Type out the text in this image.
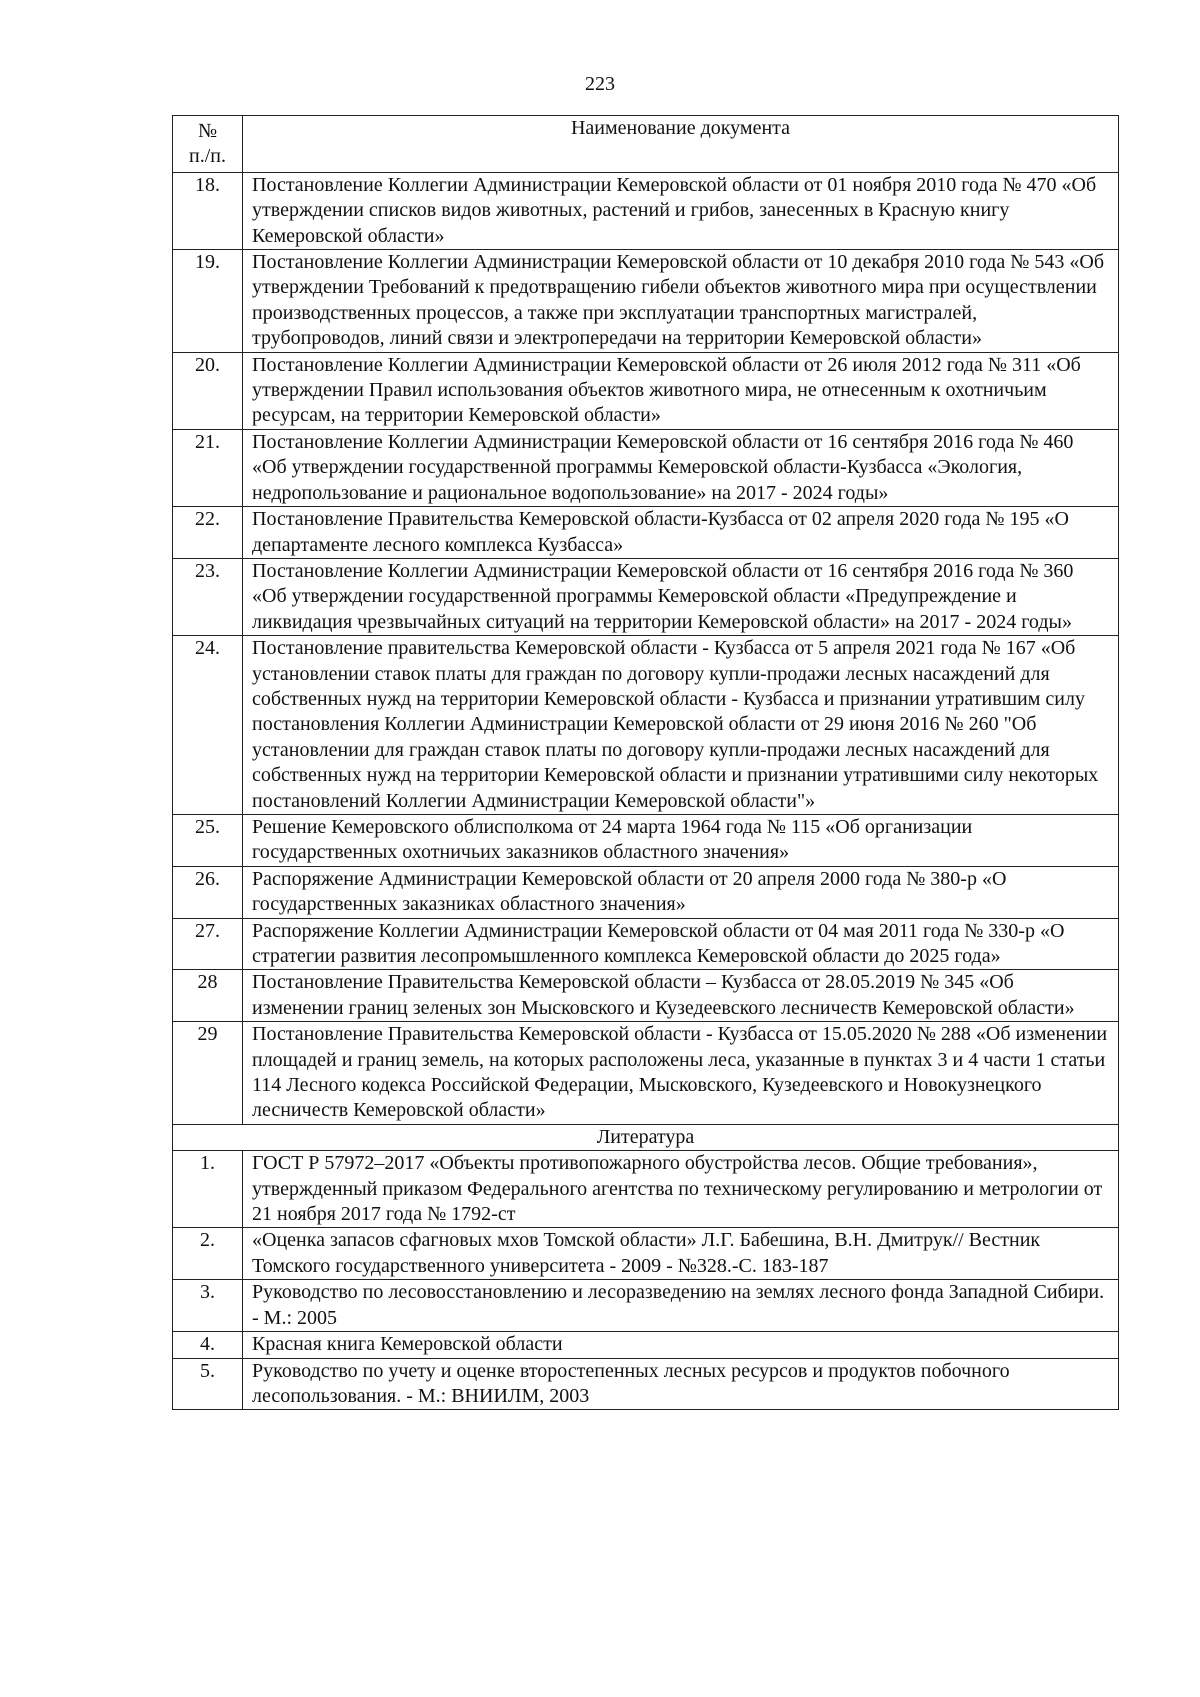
223
№
п./п.	Наименование документа
18.	Постановление Коллегии Администрации Кемеровской области от 01 ноября 2010 года № 470 «Об утверждении списков видов животных, растений и грибов, занесенных в Красную книгу Кемеровской области»
19.	Постановление Коллегии Администрации Кемеровской области от 10 декабря 2010 года № 543 «Об утверждении Требований к предотвращению гибели объектов животного мира при осуществлении производственных процессов, а также при эксплуатации транспортных магистралей, трубопроводов, линий связи и электропередачи на территории Кемеровской области»
20.	Постановление Коллегии Администрации Кемеровской области от 26 июля 2012 года № 311 «Об утверждении Правил использования объектов животного мира, не отнесенным к охотничьим ресурсам, на территории Кемеровской области»
21.	Постановление Коллегии Администрации Кемеровской области от 16 сентября 2016 года № 460 «Об утверждении государственной программы Кемеровской области-Кузбасса «Экология, недропользование и рациональное водопользование» на 2017 - 2024 годы»
22.	Постановление Правительства Кемеровской области-Кузбасса от 02 апреля 2020 года № 195 «О департаменте лесного комплекса Кузбасса»
23.	Постановление Коллегии Администрации Кемеровской области от 16 сентября 2016 года № 360 «Об утверждении государственной программы Кемеровской области «Предупреждение и ликвидация чрезвычайных ситуаций на территории Кемеровской области» на 2017 - 2024 годы»
24.	Постановление правительства Кемеровской области - Кузбасса от 5 апреля 2021 года № 167 «Об установлении ставок платы для граждан по договору купли-продажи лесных насаждений для собственных нужд на территории Кемеровской области - Кузбасса и признании утратившим силу постановления Коллегии Администрации Кемеровской области от 29 июня 2016 № 260 "Об установлении для граждан ставок платы по договору купли-продажи лесных насаждений для собственных нужд на территории Кемеровской области и признании утратившими силу некоторых постановлений Коллегии Администрации Кемеровской области"»
25.	Решение Кемеровского облисполкома от 24 марта 1964 года № 115 «Об организации государственных охотничьих заказников областного значения»
26.	Распоряжение Администрации Кемеровской области от 20 апреля 2000 года № 380-р «О государственных заказниках областного значения»
27.	Распоряжение Коллегии Администрации Кемеровской области от 04 мая 2011 года № 330-р «О стратегии развития лесопромышленного комплекса Кемеровской области до 2025 года»
28	Постановление Правительства Кемеровской области – Кузбасса от 28.05.2019 № 345 «Об изменении границ зеленых зон Мысковского и Кузедеевского лесничеств Кемеровской области»
29	Постановление Правительства Кемеровской области - Кузбасса от 15.05.2020 № 288 «Об изменении площадей и границ земель, на которых расположены леса, указанные в пунктах 3 и 4 части 1 статьи 114 Лесного кодекса Российской Федерации, Мысковского, Кузедеевского и Новокузнецкого лесничеств Кемеровской области»
Литература	
1.	ГОСТ Р 57972–2017 «Объекты противопожарного обустройства лесов. Общие требования», утвержденный приказом Федерального агентства по техническому регулированию и метрологии от 21 ноября 2017 года № 1792-ст
2.	«Оценка запасов сфагновых мхов Томской области» Л.Г. Бабешина, В.Н. Дмитрук// Вестник Томского государственного университета - 2009 - №328.-С. 183-187
3.	Руководство по лесовосстановлению и лесоразведению на землях лесного фонда Западной Сибири. - М.: 2005
4.	Красная книга Кемеровской области
5.	Руководство по учету и оценке второстепенных лесных ресурсов и продуктов побочного лесопользования. - М.: ВНИИЛМ, 2003
